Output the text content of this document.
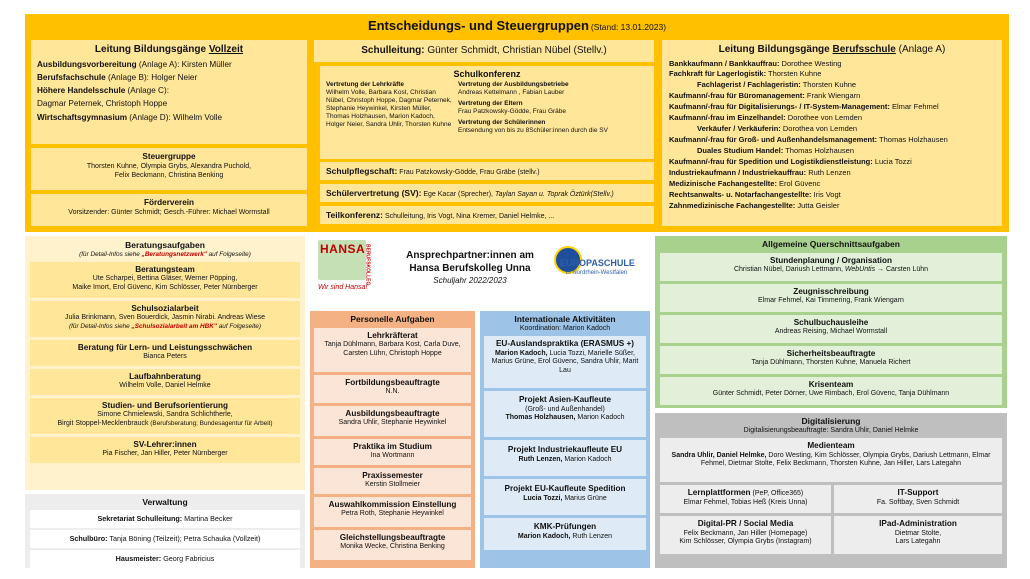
Entscheidungs- und Steuergruppen (Stand: 13.01.2023)
Leitung Bildungsgänge Vollzeit
Ausbildungsvorbereitung (Anlage A): Kirsten Müller
Berufsfachschule (Anlage B): Holger Neier
Höhere Handelsschule (Anlage C):
Dagmar Peternek, Christoph Hoppe
Wirtschaftsgymnasium (Anlage D): Wilhelm Volle
Steuergruppe
Thorsten Kuhne, Olympia Grybs, Alexandra Puchold,
Felix Beckmann, Christina Benking
Förderverein
Vorsitzender: Günter Schmidt; Gesch.-Führer: Michael Wormstall
Schulleitung: Günter Schmidt, Christian Nübel (Stellv.)
Schulkonferenz
Vertretung der Lehrkräfte
Wilhelm Volle, Barbara Kost, Christian Nübel, Christoph Hoppe, Dagmar Peternek, Stephanie Heywinkel, Kirsten Müller, Thomas Holzhausen, Marion Kadoch, Holger Neier, Sandra Uhlir, Thorsten Kuhne
Vertretung der Ausbildungsbetriebe
Andreas Kettelmann , Fabian Lauber
Vertretung der Eltern
Frau Patzkowsky-Gödde, Frau Gräbe
Vertretung der Schülerinnen
Entsendung von bis zu 8Schüler:innen durch die SV
Schulpflegschaft: Frau Patzkowsky-Gödde, Frau Gräbe (stellv.)
Schülervertretung (SV): Ege Kacar (Sprecher), Taylan Sayan u. Toprak Öztürk(Stellv.)
Teilkonferenz: Schulleitung, Iris Vogt, Nina Kremer, Daniel Helmke, ...
Leitung Bildungsgänge Berufsschule (Anlage A)
Bankkaufmann / Bankkauffrau: Dorothee Westing
Fachkraft für Lagerlogistik: Thorsten Kuhne
Fachlagerist / Fachlageristin: Thorsten Kuhne
Kaufmann/-frau für Büromanagement: Frank Wiengarn
Kaufmann/-frau für Digitalisierungs- / IT-System-Management: Elmar Fehmel
Kaufmann/-frau im Einzelhandel: Dorothee von Lemden
Verkäufer / Verkäuferin: Dorothea von Lemden
Kaufmann/-frau für Groß- und Außenhandelsmanagement: Thomas Holzhausen
Duales Studium Handel: Thomas Holzhausen
Kaufmann/-frau für Spedition und Logistikdienstleistung: Lucia Tozzi
Industriekaufmann / Industriekauffrau: Ruth Lenzen
Medizinische Fachangestellte: Erol Güvenc
Rechtsanwalts- u. Notarfachangestellte: Iris Vogt
Zahnmedizinische Fachangestellte: Jutta Geisler
Beratungsaufgaben
(für Detail-Infos siehe „Beratungsnetzwerk" auf Folgeseite)
Beratungsteam
Ute Scharpei, Bettina Gläser, Werner Pöpping,
Maike Imort, Erol Güvenc, Kim Schlösser, Peter Nürnberger
Schulsozialarbeit
Julia Brinkmann, Sven Bouerdick, Jasmin Nirabi. Andreas Wiese
(für Detail-Infos siehe „Schulsozialarbeit am HBK" auf Folgeseite)
Beratung für Lern- und Leistungsschwächen
Bianca Peters
Laufbahnberatung
Wilhelm Volle, Daniel Helmke
Studien- und Berufsorientierung
Simone Chmielewski, Sandra Schlichtherle,
Birgit Stoppel-Mecklenbrauck (Berufsberatung; Bundesagentur für Arbeit)
SV-Lehrer:innen
Pia Fischer, Jan Hiller, Peter Nürnberger
Verwaltung
Sekretariat Schulleitung: Martina Becker
Schulbüro: Tanja Böning (Teilzeit); Petra Schauka (Vollzeit)
Hausmeister: Georg Fabricius
HANSA BERUFSKOLLEG
Wir sind Hansa!
Ansprechpartner:innen am
Hansa Berufskolleg Unna
Schuljahr 2022/2023
EUROPASCHULE
in Nordrhein-Westfalen
Personelle Aufgaben
Lehrkräfterat
Tanja Dühlmann, Barbara Kost, Carla Duve, Carsten Lühn, Christoph Hoppe
Fortbildungsbeauftragte
N.N.
Ausbildungsbeauftragte
Sandra Uhlir, Stephanie Heywinkel
Praktika im Studium
Ina Wortmann
Praxissemester
Kerstin Stollmeier
Auswahlkommission Einstellung
Petra Roth, Stephanie Heywinkel
Gleichstellungsbeauftragte
Monika Wecke, Christina Benking
Internationale Aktivitäten
Koordination: Marion Kadoch
EU-Auslandspraktika (ERASMUS +)
Marion Kadoch, Lucia Tozzi, Marielle Süßer, Marius Grüne, Erol Güvenc, Sandra Uhlir, Marit Lau
Projekt Asien-Kaufleute
(Groß- und Außenhandel)
Thomas Holzhausen, Marion Kadoch
Projekt Industriekaufleute EU
Ruth Lenzen, Marion Kadoch
Projekt EU-Kaufleute Spedition
Lucia Tozzi, Marius Grüne
KMK-Prüfungen
Marion Kadoch, Ruth Lenzen
Allgemeine Querschnittsaufgaben
Stundenplanung / Organisation
Christian Nübel, Dariush Lettmann, WebUntis → Carsten Lühn
Zeugnisschreibung
Elmar Fehmel, Kai Timmering, Frank Wiengarn
Schulbuchausleihe
Andreas Reising, Michael Wormstall
Sicherheitsbeauftragte
Tanja Dühlmann, Thorsten Kuhne, Manuela Richert
Krisenteam
Günter Schmidt, Peter Dörner, Uwe Rimbach, Erol Güvenc, Tanja Dühlmann
Digitalisierung
Digitalisierungsbeauftragte: Sandra Uhlir, Daniel Helmke
Medienteam
Sandra Uhlir, Daniel Helmke, Doro Westing, Kim Schlösser, Olympia Grybs, Dariush Lettmann, Elmar Fehmel, Dietmar Stolte, Felix Beckmann, Thorsten Kuhne, Jan Hiller, Lars Lategahn
Lernplattformen (PeP, Office365)
Elmar Fehmel, Tobias Heß (Kreis Unna)
IT-Support
Fa. Softbay, Sven Schmidt
Digital-PR / Social Media
Felix Beckmann, Jan Hiller (Homepage)
Kim Schlösser, Olympia Grybs (Instagram)
IPad-Administration
Dietmar Stolte,
Lars Lategahn
